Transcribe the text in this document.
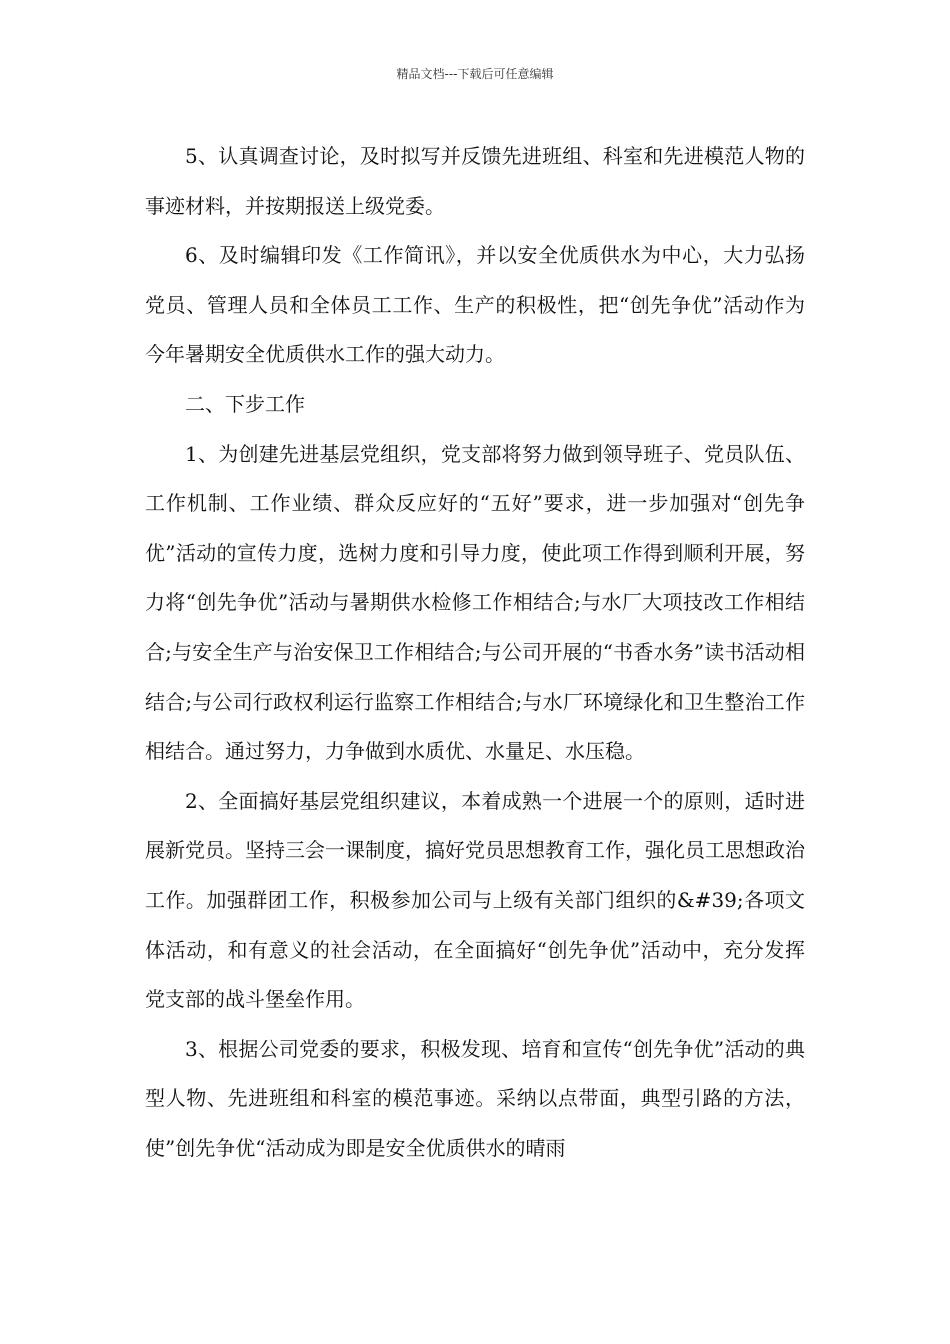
精品文档---下载后可任意编辑

5、认真调查讨论，及时拟写并反馈先进班组、科室和先进模范人物的事迹材料，并按期报送上级党委。

6、及时编辑印发《工作简讯》，并以安全优质供水为中心，大力弘扬党员、管理人员和全体员工工作、生产的积极性，把“创先争优”活动作为今年暑期安全优质供水工作的强大动力。

二、下步工作

1、为创建先进基层党组织，党支部将努力做到领导班子、党员队伍、工作机制、工作业绩、群众反应好的“五好”要求，进一步加强对“创先争优”活动的宣传力度，选树力度和引导力度，使此项工作得到顺利开展，努力将“创先争优”活动与暑期供水检修工作相结合;与水厂大项技改工作相结合;与安全生产与治安保卫工作相结合;与公司开展的“书香水务”读书活动相结合;与公司行政权利运行监察工作相结合;与水厂环境绿化和卫生整治工作相结合。通过努力，力争做到水质优、水量足、水压稳。

2、全面搞好基层党组织建议，本着成熟一个进展一个的原则，适时进展新党员。坚持三会一课制度，搞好党员思想教育工作，强化员工思想政治工作。加强群团工作，积极参加公司与上级有关部门组织的&#39;各项文体活动，和有意义的社会活动，在全面搞好“创先争优”活动中，充分发挥党支部的战斗堡垒作用。

3、根据公司党委的要求，积极发现、培育和宣传“创先争优”活动的典型人物、先进班组和科室的模范事迹。采纳以点带面，典型引路的方法，使”创先争优“活动成为即是安全优质供水的晴雨
